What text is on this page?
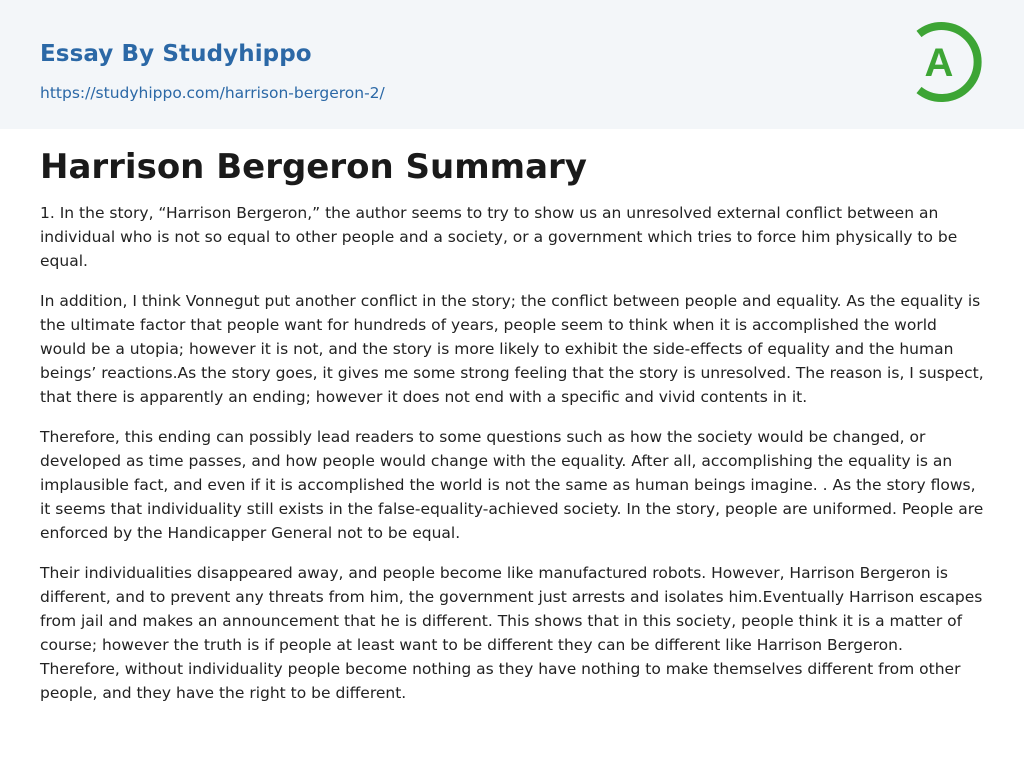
Essay By Studyhippo
https://studyhippo.com/harrison-bergeron-2/
A
Harrison Bergeron Summary

1. In the story, “Harrison Bergeron,” the author seems to try to show us an unresolved external conflict between an individual who is not so equal to other people and a society, or a government which tries to force him physically to be equal.

In addition, I think Vonnegut put another conflict in the story; the conflict between people and equality. As the equality is the ultimate factor that people want for hundreds of years, people seem to think when it is accomplished the world would be a utopia; however it is not, and the story is more likely to exhibit the side-effects of equality and the human beings’ reactions.As the story goes, it gives me some strong feeling that the story is unresolved. The reason is, I suspect, that there is apparently an ending; however it does not end with a specific and vivid contents in it.

Therefore, this ending can possibly lead readers to some questions such as how the society would be changed, or developed as time passes, and how people would change with the equality. After all, accomplishing the equality is an implausible fact, and even if it is accomplished the world is not the same as human beings imagine. . As the story flows, it seems that individuality still exists in the false-equality-achieved society. In the story, people are uniformed. People are enforced by the Handicapper General not to be equal.

Their individualities disappeared away, and people become like manufactured robots. However, Harrison Bergeron is different, and to prevent any threats from him, the government just arrests and isolates him.Eventually Harrison escapes from jail and makes an announcement that he is different. This shows that in this society, people think it is a matter of course; however the truth is if people at least want to be different they can be different like Harrison Bergeron. Therefore, without individuality people become nothing as they have nothing to make themselves different from other people, and they have the right to be different.
